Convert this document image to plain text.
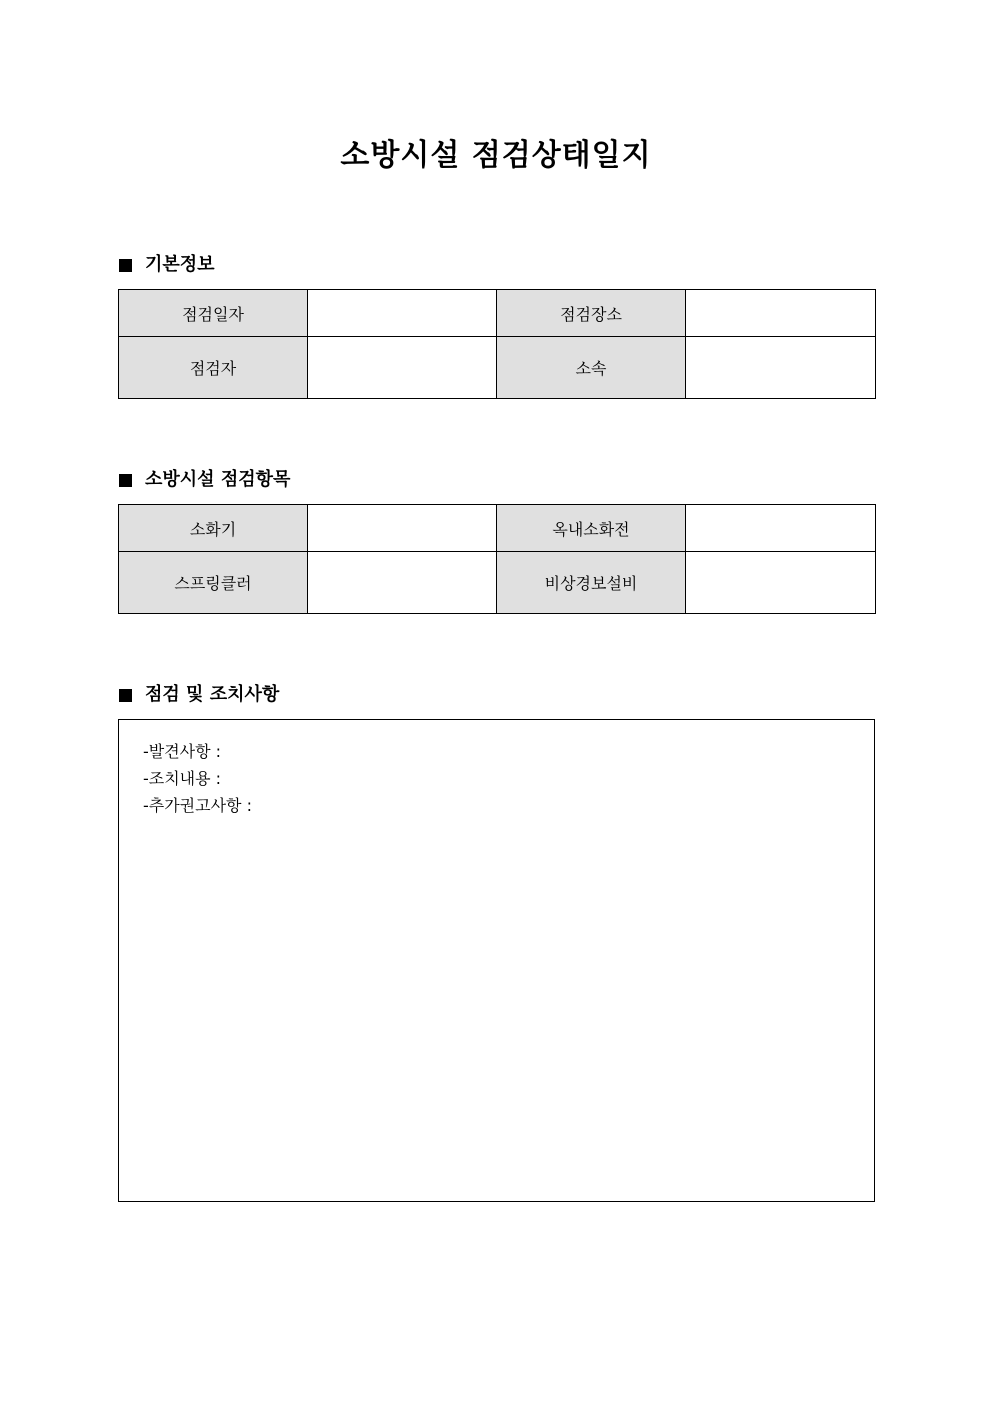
소방시설 점검상태일지
기본정보
점검일자		점검장소	
점검자		소속	
소방시설 점검항목
소화기		옥내소화전	
스프링클러		비상경보설비	
점검 및 조치사항
-발견사항 :
-조치내용 :
-추가권고사항 :
